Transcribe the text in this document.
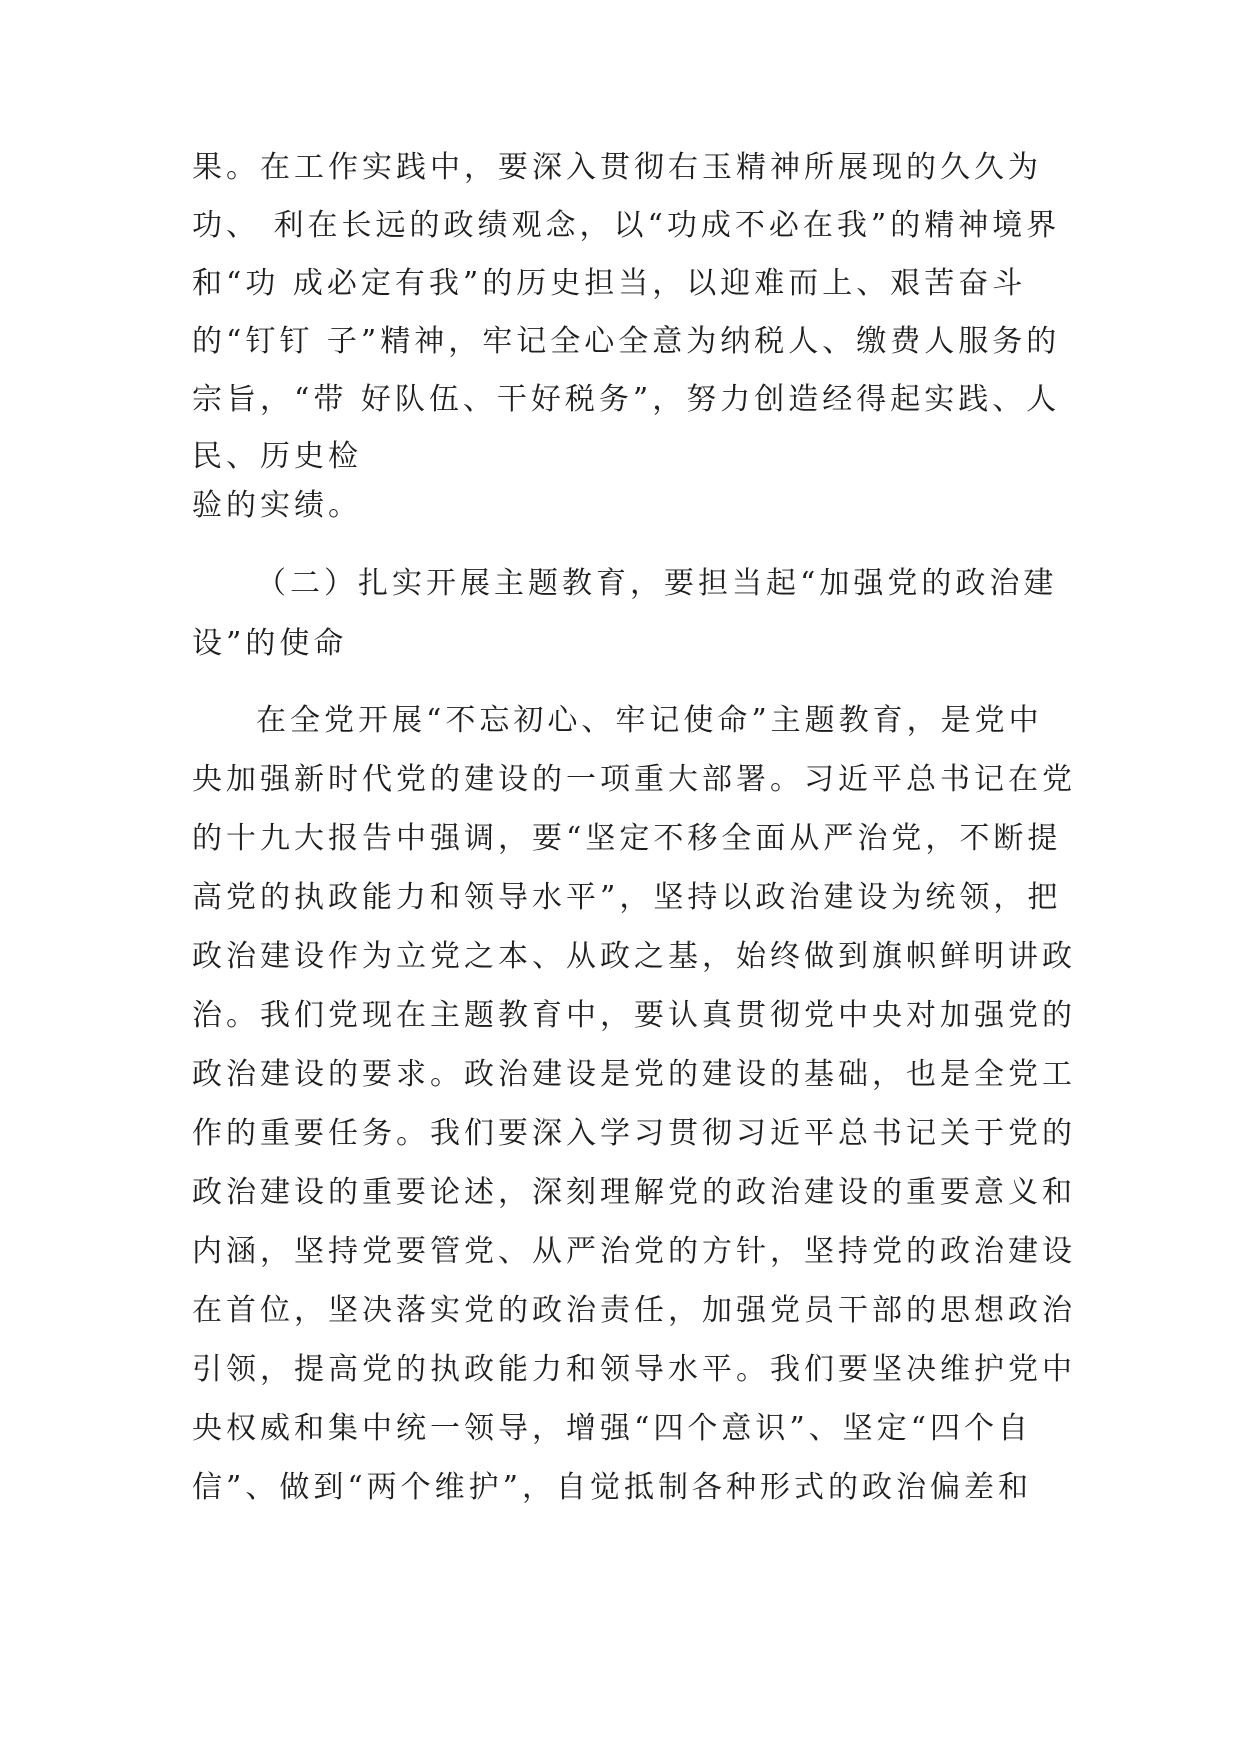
果。在工作实践中，要深入贯彻右玉精神所展现的久久为
功、 利在长远的政绩观念，以“功成不必在我”的精神境界
和“功 成必定有我”的历史担当，以迎难而上、艰苦奋斗
的“钉钉 子”精神，牢记全心全意为纳税人、缴费人服务的
宗旨，“带 好队伍、干好税务”，努力创造经得起实践、人
民、历史检
验的实绩。
（二）扎实开展主题教育，要担当起“加强党的政治建
设”的使命
在全党开展“不忘初心、牢记使命”主题教育，是党中
央加强新时代党的建设的一项重大部署。习近平总书记在党
的十九大报告中强调，要“坚定不移全面从严治党，不断提
高党的执政能力和领导水平”，坚持以政治建设为统领，把
政治建设作为立党之本、从政之基，始终做到旗帜鲜明讲政
治。我们党现在主题教育中，要认真贯彻党中央对加强党的
政治建设的要求。政治建设是党的建设的基础，也是全党工
作的重要任务。我们要深入学习贯彻习近平总书记关于党的
政治建设的重要论述，深刻理解党的政治建设的重要意义和
内涵，坚持党要管党、从严治党的方针，坚持党的政治建设
在首位，坚决落实党的政治责任，加强党员干部的思想政治
引领，提高党的执政能力和领导水平。我们要坚决维护党中
央权威和集中统一领导，增强“四个意识”、坚定“四个自
信”、做到“两个维护”，自觉抵制各种形式的政治偏差和
